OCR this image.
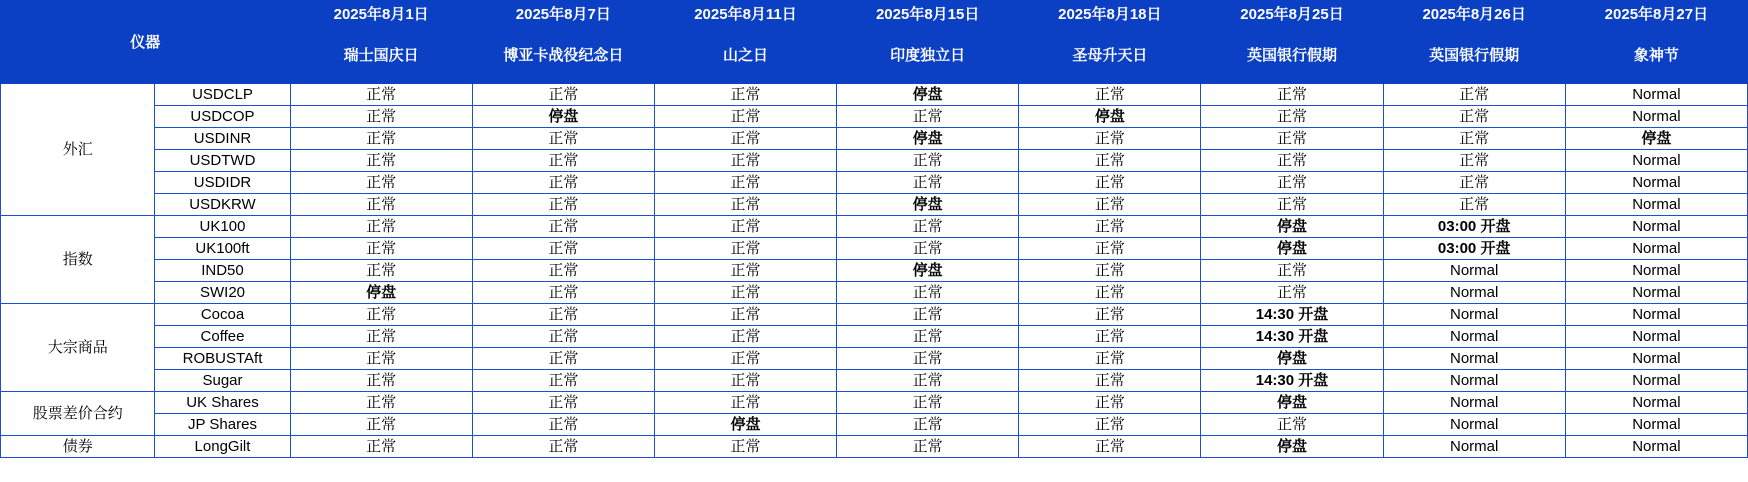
仪器		2025年8月1日	2025年8月7日	2025年8月11日	2025年8月15日	2025年8月18日	2025年8月25日	2025年8月26日	2025年8月27日
		瑞士国庆日	博亚卡战役纪念日	山之日	印度独立日	圣母升天日	英国银行假期	英国银行假期	象神节
外汇	USDCLP	正常	正常	正常	停盘	正常	正常	正常	Normal
	USDCOP	正常	停盘	正常	正常	停盘	正常	正常	Normal
	USDINR	正常	正常	正常	停盘	正常	正常	正常	停盘
	USDTWD	正常	正常	正常	正常	正常	正常	正常	Normal
	USDIDR	正常	正常	正常	正常	正常	正常	正常	Normal
	USDKRW	正常	正常	正常	停盘	正常	正常	正常	Normal
指数	UK100	正常	正常	正常	正常	正常	停盘	03:00 开盘	Normal
	UK100ft	正常	正常	正常	正常	正常	停盘	03:00 开盘	Normal
	IND50	正常	正常	正常	停盘	正常	正常	Normal	Normal
	SWI20	停盘	正常	正常	正常	正常	正常	Normal	Normal
大宗商品	Cocoa	正常	正常	正常	正常	正常	14:30 开盘	Normal	Normal
	Coffee	正常	正常	正常	正常	正常	14:30 开盘	Normal	Normal
	ROBUSTAft	正常	正常	正常	正常	正常	停盘	Normal	Normal
	Sugar	正常	正常	正常	正常	正常	14:30 开盘	Normal	Normal
股票差价合约	UK Shares	正常	正常	正常	正常	正常	停盘	Normal	Normal
	JP Shares	正常	正常	停盘	正常	正常	正常	Normal	Normal
债券	LongGilt	正常	正常	正常	正常	正常	停盘	Normal	Normal
